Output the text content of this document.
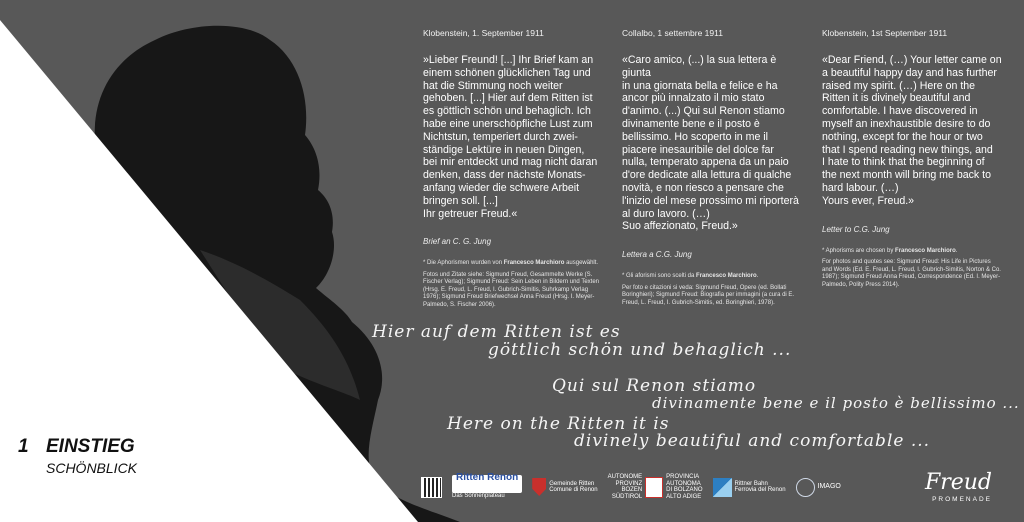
Klobenstein, 1. September 1911

»Lieber Freund! [...] Ihr Brief kam an
einem schönen glücklichen Tag und
hat die Stimmung noch weiter
gehoben. [...] Hier auf dem Ritten ist
es göttlich schön und behaglich. Ich
habe eine unerschöpfliche Lust zum
Nichtstun, temperiert durch zwei-
ständige Lektüre in neuen Dingen,
bei mir entdeckt und mag nicht daran
denken, dass der nächste Monats-
anfang wieder die schwere Arbeit
bringen soll. [...]
Ihr getreuer Freud.«

Brief an C. G. Jung

* Die Aphorismen wurden von Francesco Marchioro ausgewählt.

Fotos und Zitate siehe: Sigmund Freud, Gesammelte Werke (S. Fischer Verlag); Sigmund Freud: Sein Leben in Bildern und Texten (Hrsg. E. Freud, L. Freud, I. Gubrich-Simitis, Suhrkamp Verlag 1976); Sigmund Freud Briefwechsel Anna Freud (Hrsg. I. Meyer-Palmedo, S. Fischer 2006).

Collalbo, 1 settembre 1911

«Caro amico, (...) la sua lettera è giunta
in una giornata bella e felice e ha
ancor più innalzato il mio stato
d'animo. (...) Qui sul Renon stiamo
divinamente bene e il posto è
bellissimo. Ho scoperto in me il
piacere inesauribile del dolce far
nulla, temperato appena da un paio
d'ore dedicate alla lettura di qualche
novità, e non riesco a pensare che
l'inizio del mese prossimo mi riporterà
al duro lavoro. (…)
Suo affezionato, Freud.»

Lettera a C.G. Jung

* Gli aforismi sono scelti da Francesco Marchioro.

Per foto e citazioni si veda: Sigmund Freud, Opere (ed. Bollati Boringhieri); Sigmund Freud: Biografia per immagini (a cura di E. Freud, L. Freud, I. Gubrich-Simitis, ed. Boringhieri, 1978).

Klobenstein, 1st September 1911

«Dear Friend, (…) Your letter came on
a beautiful happy day and has further
raised my spirit. (…) Here on the
Ritten it is divinely beautiful and
comfortable. I have discovered in
myself an inexhaustible desire to do
nothing, except for the hour or two
that I spend reading new things, and
I hate to think that the beginning of
the next month will bring me back to
hard labour. (…)
Yours ever, Freud.»

Letter to C.G. Jung

* Aphorisms are chosen by Francesco Marchioro.

For photos and quotes see: Sigmund Freud: His Life in Pictures and Words (Ed. E. Freud, L. Freud, I. Gubrich-Simitis, Norton & Co. 1987); Sigmund Freud Anna Freud, Correspondence (Ed. I. Meyer-Palmedo, Polity Press 2014).

Hier auf dem Ritten ist es
göttlich schön und behaglich ...
Qui sul Renon stiamo
divinamente bene e il posto è bellissimo ...
Here on the Ritten it is
divinely beautiful and comfortable ...
1 EINSTIEG
SCHÖNBLICK
Ritten Renon
Das Sonnenplateau
Gemeinde Ritten
Comune di Renon
AUTONOME
PROVINZ
BOZEN
SÜDTIROL
PROVINCIA
AUTONOMA
DI BOLZANO
ALTO ADIGE
Rittner Bahn
Ferrovia del Renon
IMAGO	Freud
PROMENADE
